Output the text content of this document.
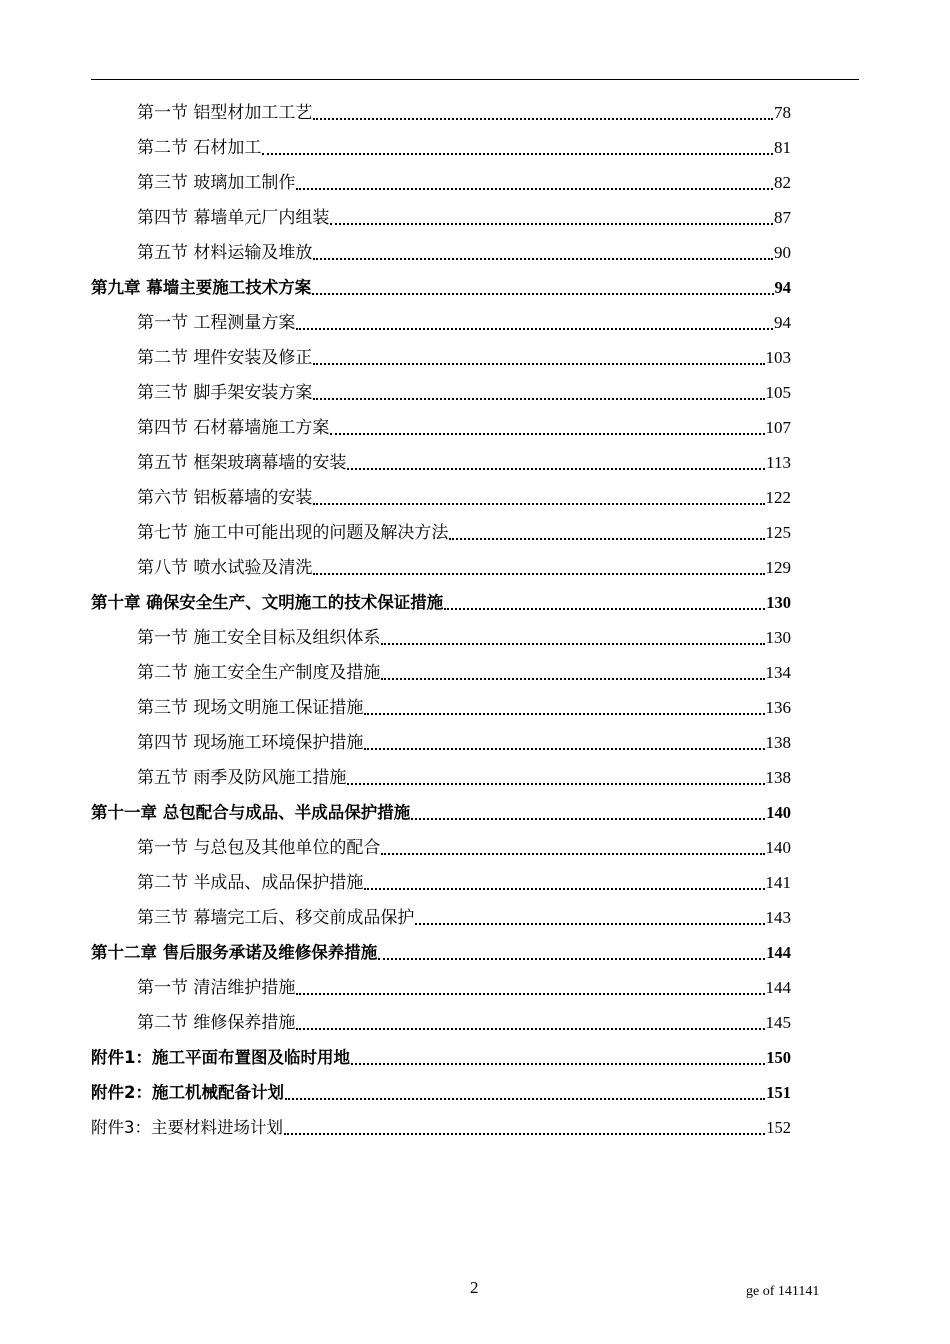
第一节 铝型材加工工艺	78
第二节 石材加工	81
第三节 玻璃加工制作	82
第四节 幕墙单元厂内组装	87
第五节 材料运输及堆放	90
第九章 幕墙主要施工技术方案	94
第一节 工程测量方案	94
第二节 埋件安装及修正	103
第三节 脚手架安装方案	105
第四节 石材幕墙施工方案	107
第五节 框架玻璃幕墙的安装	113
第六节 铝板幕墙的安装	122
第七节 施工中可能出现的问题及解决方法	125
第八节 喷水试验及清洗	129
第十章 确保安全生产、文明施工的技术保证措施	130
第一节 施工安全目标及组织体系	130
第二节 施工安全生产制度及措施	134
第三节 现场文明施工保证措施	136
第四节 现场施工环境保护措施	138
第五节 雨季及防风施工措施	138
第十一章 总包配合与成品、半成品保护措施	140
第一节 与总包及其他单位的配合	140
第二节 半成品、成品保护措施	141
第三节 幕墙完工后、移交前成品保护	143
第十二章 售后服务承诺及维修保养措施	144
第一节 清洁维护措施	144
第二节 维修保养措施	145
附件1：施工平面布置图及临时用地	150
附件2：施工机械配备计划	151
附件3：主要材料进场计划	152
2	ge of 141141
